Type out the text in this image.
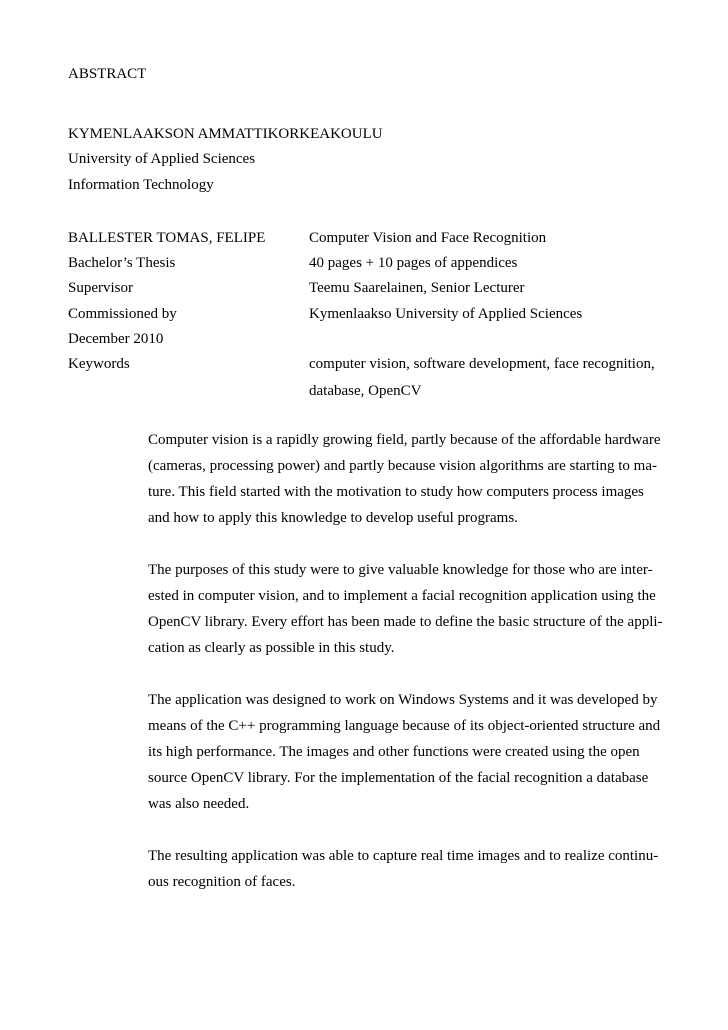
ABSTRACT
KYMENLAAKSON AMMATTIKORKEAKOULU
University of Applied Sciences
Information Technology
BALLESTER TOMAS, FELIPE	Computer Vision and Face Recognition
Bachelor’s Thesis	40 pages + 10 pages of appendices
Supervisor	Teemu Saarelainen, Senior Lecturer
Commissioned by	Kymenlaakso University of Applied Sciences
December 2010
Keywords	computer vision, software development, face recognition,
database, OpenCV
Computer vision is a rapidly growing field, partly because of the affordable hardware
(cameras, processing power) and partly because vision algorithms are starting to ma-
ture. This field started with the motivation to study how computers process images
and how to apply this knowledge to develop useful programs.
The purposes of this study were to give valuable knowledge for those who are inter-
ested in computer vision, and to implement a facial recognition application using the
OpenCV library. Every effort has been made to define the basic structure of the appli-
cation as clearly as possible in this study.
The application was designed to work on Windows Systems and it was developed by
means of the C++ programming language because of its object-oriented structure and
its high performance. The images and other functions were created using the open
source OpenCV library. For the implementation of the facial recognition a database
was also needed.
The resulting application was able to capture real time images and to realize continu-
ous recognition of faces.
